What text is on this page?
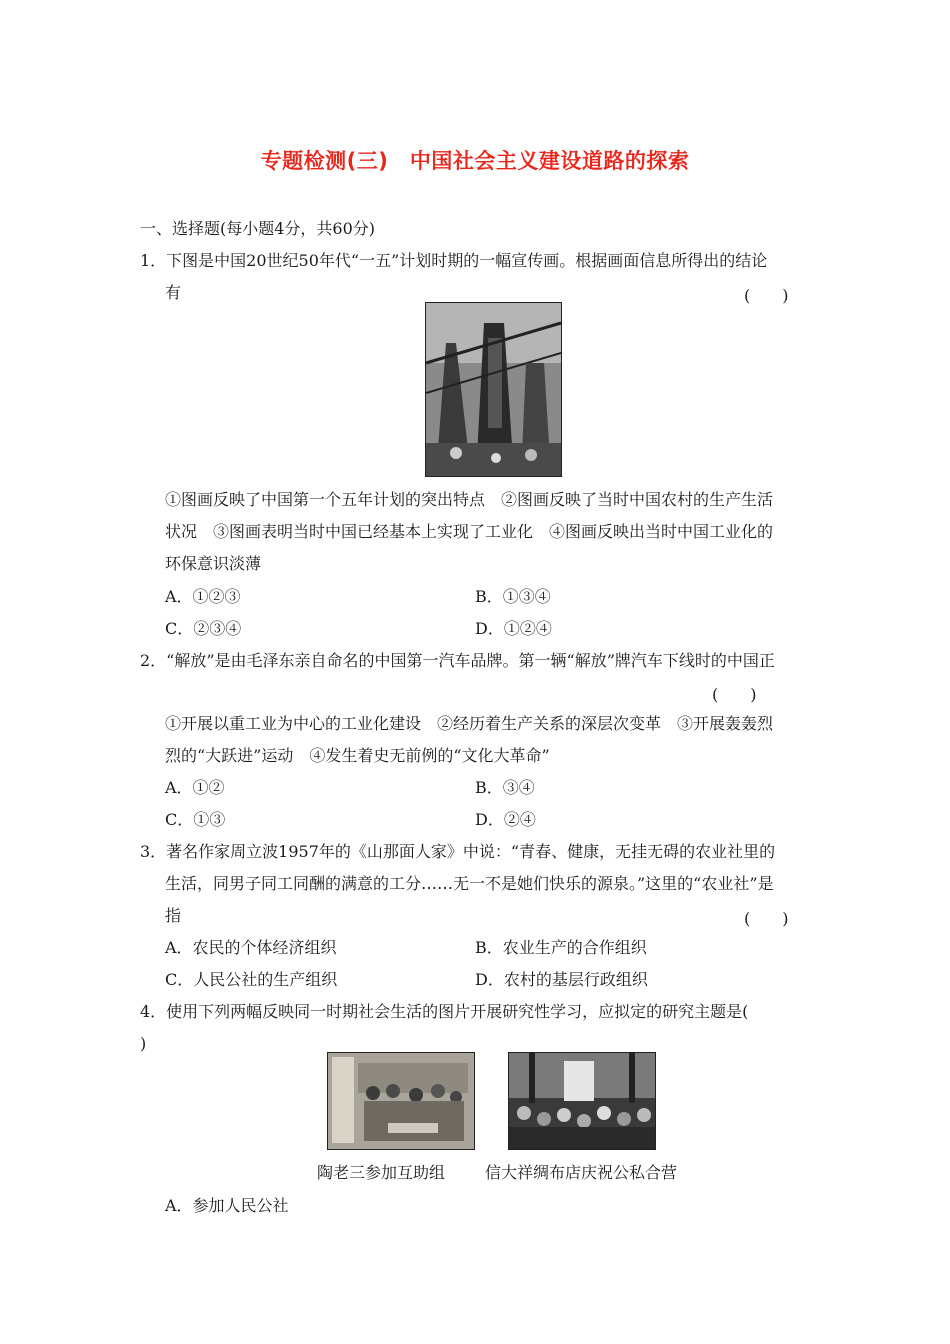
专题检测(三)　中国社会主义建设道路的探索
一、选择题(每小题4分，共60分)
1．下图是中国20世纪50年代“一五”计划时期的一幅宣传画。根据画面信息所得出的结论
有	(　　)
①图画反映了中国第一个五年计划的突出特点　②图画反映了当时中国农村的生产生活
状况　③图画表明当时中国已经基本上实现了工业化　④图画反映出当时中国工业化的
环保意识淡薄
A．①②③	B．①③④
C．②③④	D．①②④
2．“解放”是由毛泽东亲自命名的中国第一汽车品牌。第一辆“解放”牌汽车下线时的中国正
(　　)
①开展以重工业为中心的工业化建设　②经历着生产关系的深层次变革　③开展轰轰烈
烈的“大跃进”运动　④发生着史无前例的“文化大革命”
A．①②	B．③④
C．①③	D．②④
3．著名作家周立波1957年的《山那面人家》中说：“青春、健康，无挂无碍的农业社里的
生活，同男子同工同酬的满意的工分……无一不是她们快乐的源泉。”这里的“农业社”是
指	(　　)
A．农民的个体经济组织	B．农业生产的合作组织
C．人民公社的生产组织	D．农村的基层行政组织
4．使用下列两幅反映同一时期社会生活的图片开展研究性学习，应拟定的研究主题是(
)
陶老三参加互助组 信大祥绸布店庆祝公私合营
A．参加人民公社
